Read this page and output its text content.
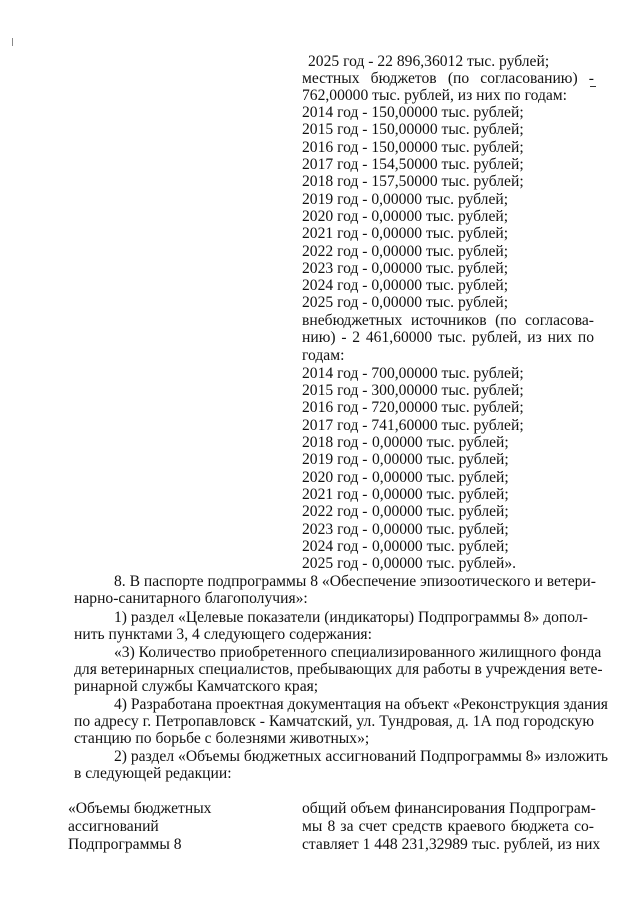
2025 год - 22 896,36012 тыс. рублей;
местных бюджетов (по согласованию) -
762,00000 тыс. рублей, из них по годам:
2014 год - 150,00000 тыс. рублей;
2015 год - 150,00000 тыс. рублей;
2016 год - 150,00000 тыс. рублей;
2017 год - 154,50000 тыс. рублей;
2018 год - 157,50000 тыс. рублей;
2019 год - 0,00000 тыс. рублей;
2020 год - 0,00000 тыс. рублей;
2021 год - 0,00000 тыс. рублей;
2022 год - 0,00000 тыс. рублей;
2023 год - 0,00000 тыс. рублей;
2024 год - 0,00000 тыс. рублей;
2025 год - 0,00000 тыс. рублей;
внебюджетных источников (по согласова-
нию) - 2 461,60000 тыс. рублей, из них по
годам:
2014 год - 700,00000 тыс. рублей;
2015 год - 300,00000 тыс. рублей;
2016 год - 720,00000 тыс. рублей;
2017 год - 741,60000 тыс. рублей;
2018 год - 0,00000 тыс. рублей;
2019 год - 0,00000 тыс. рублей;
2020 год - 0,00000 тыс. рублей;
2021 год - 0,00000 тыс. рублей;
2022 год - 0,00000 тыс. рублей;
2023 год - 0,00000 тыс. рублей;
2024 год - 0,00000 тыс. рублей;
2025 год - 0,00000 тыс. рублей».
8. В паспорте подпрограммы 8 «Обеспечение эпизоотического и ветери-
нарно-санитарного благополучия»:
1) раздел «Целевые показатели (индикаторы) Подпрограммы 8» допол-
нить пунктами 3, 4 следующего содержания:
«3) Количество приобретенного специализированного жилищного фонда
для ветеринарных специалистов, пребывающих для работы в учреждения вете-
ринарной службы Камчатского края;
4) Разработана проектная документация на объект «Реконструкция здания
по адресу г. Петропавловск - Камчатский, ул. Тундровая, д. 1А под городскую
станцию по борьбе с болезнями животных»;
2) раздел «Объемы бюджетных ассигнований Подпрограммы 8» изложить
в следующей редакции:
«Объемы бюджетных
ассигнований
Подпрограммы 8
общий объем финансирования Подпрограм-
мы 8 за счет средств краевого бюджета со-
ставляет 1 448 231,32989 тыс. рублей, из них
